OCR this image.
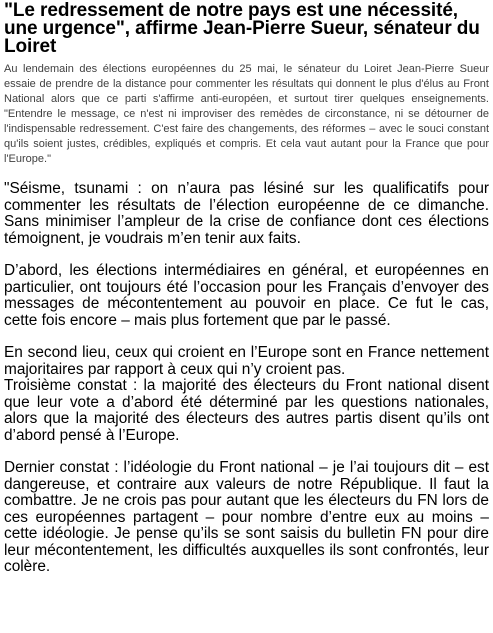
"Le redressement de notre pays est une nécessité, une urgence", affirme Jean-Pierre Sueur, sénateur du Loiret

Au lendemain des élections européennes du 25 mai, le sénateur du Loiret Jean-Pierre Sueur essaie de prendre de la distance pour commenter les résultats qui donnent le plus d'élus au Front National alors que ce parti s'affirme anti-européen, et surtout tirer quelques enseignements. "Entendre le message, ce n'est ni improviser des remèdes de circonstance, ni se détourner de l'indispensable redressement. C'est faire des changements, des réformes – avec le souci constant qu'ils soient justes, crédibles, expliqués et compris. Et cela vaut autant pour la France que pour l'Europe."

"Séisme, tsunami : on n’aura pas lésiné sur les qualificatifs pour commenter les résultats de l’élection européenne de ce dimanche. Sans minimiser l’ampleur de la crise de confiance dont ces élections témoignent, je voudrais m’en tenir aux faits.

D’abord, les élections intermédiaires en général, et européennes en particulier, ont toujours été l’occasion pour les Français d’envoyer des messages de mécontentement au pouvoir en place. Ce fut le cas, cette fois encore – mais plus fortement que par le passé.

En second lieu, ceux qui croient en l’Europe sont en France nettement majoritaires par rapport à ceux qui n’y croient pas.

Troisième constat : la majorité des électeurs du Front national disent que leur vote a d’abord été déterminé par les questions nationales, alors que la majorité des électeurs des autres partis disent qu’ils ont d’abord pensé à l’Europe.

Dernier constat : l’idéologie du Front national – je l’ai toujours dit – est dangereuse, et contraire aux valeurs de notre République. Il faut la combattre. Je ne crois pas pour autant que les électeurs du FN lors de ces européennes partagent – pour nombre d’entre eux au moins – cette idéologie. Je pense qu’ils se sont saisis du bulletin FN pour dire leur mécontentement, les difficultés auxquelles ils sont confrontés, leur colère.
